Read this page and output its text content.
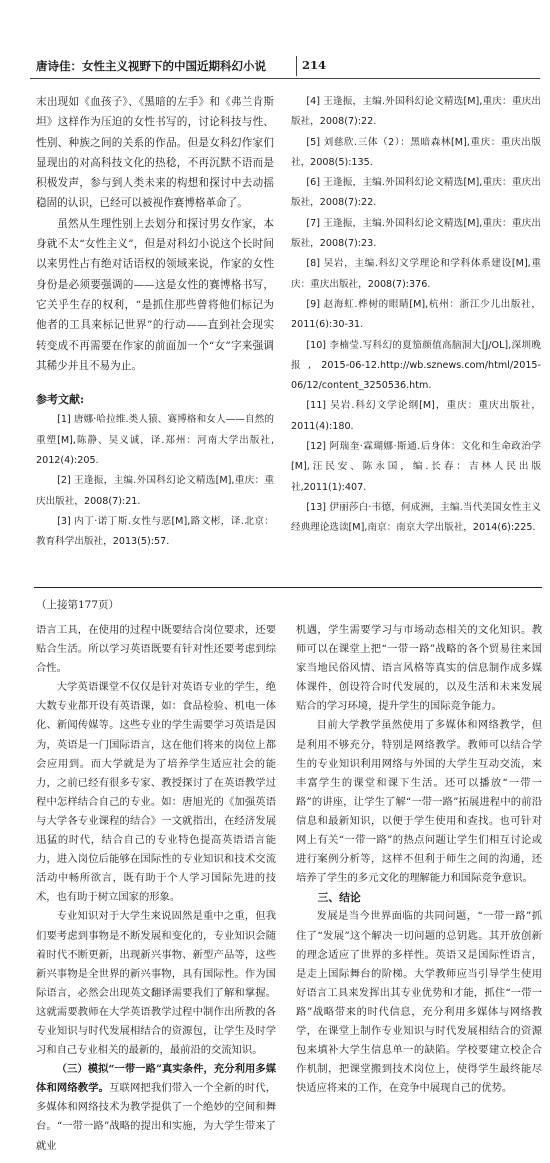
唐诗佳：女性主义视野下的中国近期科幻小说	214

末出现如《血孩子》、《黑暗的左手》和《弗兰肯斯坦》这样作为压迫的女性书写的，讨论科技与性、性别、种族之间的关系的作品。但是女科幻作家们显现出的对高科技文化的热稔，不再沉默不语而是积极发声，参与到人类未来的构想和探讨中去动摇稳固的认识，已经可以被视作赛博格革命了。

虽然从生理性别上去划分和探讨男女作家，本身就不太“女性主义”，但是对科幻小说这个长时间以来男性占有绝对话语权的领域来说，作家的女性身份是必须要强调的——这是女性的赛博格书写，它关乎生存的权利，“是抓住那些曾将他们标记为他者的工具来标记世界”的行动——直到社会现实转变成不再需要在作家的前面加一个“女”字来强调其稀少并且不易为止。

参考文献:

[1] 唐娜·哈拉维.类人猿、赛博格和女人——自然的重塑[M],陈静、吴义诚，译.郑州：河南大学出版社, 2012(4):205.

[2] 王逢振，主编.外国科幻论文精选[M],重庆：重庆出版社，2008(7):21.

[3] 内丁·诺丁斯.女性与恶[M],路文彬，译.北京：教育科学出版社，2013(5):57.

[4] 王逢振，主编.外国科幻论文精选[M],重庆：重庆出版社，2008(7):22.

[5] 刘慈欣.三体（2）：黑暗森林[M],重庆：重庆出版社，2008(5):135.

[6] 王逢振，主编.外国科幻论文精选[M],重庆：重庆出版社，2008(7):22.

[7] 王逢振，主编.外国科幻论文精选[M],重庆：重庆出版社，2008(7):23.

[8] 吴岩，主编.科幻文学理论和学科体系建设[M],重庆：重庆出版社，2008(7):376.

[9] 赵海虹.桦树的眼睛[M],杭州：浙江少儿出版社，2011(6):30-31.

[10] 李楠莹.写科幻的夏笳颜值高脑洞大[J/OL],深圳晚报, 2015-06-12.http://wb.sznews.com/html/2015-06/12/content_3250536.htm.

[11] 吴岩.科幻文学论纲[M]，重庆：重庆出版社，2011(4):180.

[12] 阿瑞奎·霖瑚娜·斯通.后身体：文化和生命政治学[M],汪民安、陈永国，编.长春：吉林人民出版社,2011(1):407.

[13] 伊丽莎白·韦德，何成洲，主编.当代美国女性主义经典理论选读[M],南京：南京大学出版社，2014(6):225.

（上接第177页）

语言工具，在使用的过程中既要结合岗位要求，还要贴合生活。所以学习英语既要有针对性还要考虑到综合性。

大学英语课堂不仅仅是针对英语专业的学生，绝大数专业都开设有英语课，如：食品检验、机电一体化、新闻传媒等。这些专业的学生需要学习英语是因为，英语是一门国际语言，这在他们将来的岗位上都会应用到。而大学就是为了培养学生适应社会的能力，之前已经有很多专家、教授探讨了在英语教学过程中怎样结合自己的专业。如：唐旭光的《加强英语与大学各专业课程的结合》一文就指出，在经济发展迅猛的时代，结合自己的专业特色提高英语语言能力，进入岗位后能够在国际性的专业知识和技术交流活动中畅所欲言，既有助于个人学习国际先进的技术，也有助于树立国家的形象。

专业知识对于大学生来说固然是重中之重，但我们要考虑到事物是不断发展和变化的，专业知识会随着时代不断更新，出现新兴事物、新型产品等，这些新兴事物是全世界的新兴事物，具有国际性。作为国际语言，必然会出现英文翻译需要我们了解和掌握。这就需要教师在大学英语教学过程中制作出所教的各专业知识与时代发展相结合的资源包，让学生及时学习和自己专业相关的最新的，最前沿的交流知识。

（三）模拟“一带一路”真实条件，充分利用多媒体和网络教学。互联网把我们带入一个全新的时代，多媒体和网络技术为教学提供了一个绝妙的空间和舞台。“一带一路”战略的提出和实施，为大学生带来了就业

机遇，学生需要学习与市场动态相关的文化知识。教师可以在课堂上把“一带一路”战略的各个贸易往来国家当地民俗风情、语言风格等真实的信息制作成多媒体课件，创设符合时代发展的，以及生活和未来发展贴合的学习环境，提升学生的国际竞争能力。

目前大学教学虽然使用了多媒体和网络教学，但是利用不够充分，特别是网络教学。教师可以结合学生的专业知识利用网络与外国的大学生互动交流，来丰富学生的课堂和课下生活。还可以播放“一带一路”的讲座，让学生了解“一带一路”拓展进程中的前沿信息和最新知识，以便于学生使用和查找。也可针对网上有关“一带一路”的热点问题让学生们相互讨论或进行案例分析等，这样不但利于师生之间的沟通，还培养了学生的多元文化的理解能力和国际竞争意识。

三、结论

发展是当今世界面临的共同问题，“一带一路”抓住了“发展”这个解决一切问题的总钥匙。其开放创新的理念适应了世界的多样性。英语又是国际性语言，是走上国际舞台的阶梯。大学教师应当引导学生使用好语言工具来发挥出其专业优势和才能，抓住“一带一路”战略带来的时代信息，充分利用多媒体与网络教学，在课堂上制作专业知识与时代发展相结合的资源包来填补大学生信息单一的缺陷。学校要建立校企合作机制，把课堂搬到技术岗位上，使得学生最终能尽快适应将来的工作，在竞争中展现自己的优势。
